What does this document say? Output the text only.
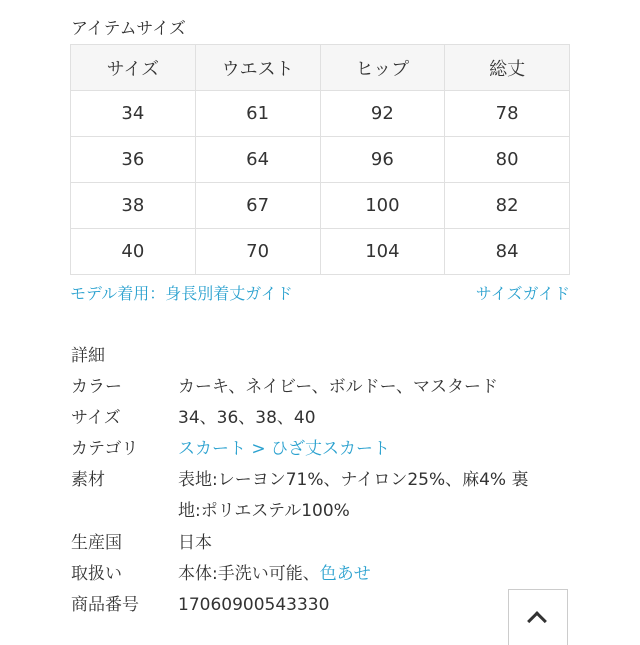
アイテムサイズ
サイズ	ウエスト	ヒップ	総丈
34	61	92	78
36	64	96	80
38	67	100	82
40	70	104	84
モデル着用：身長別着丈ガイド	サイズガイド
詳細
カラー	カーキ、ネイビー、ボルドー、マスタード
サイズ	34、36、38、40
カテゴリ	スカート > ひざ丈スカート
素材	表地:レーヨン71%、ナイロン25%、麻4% 裏
地:ポリエステル100%
生産国	日本
取扱い	本体:手洗い可能、色あせ
商品番号	17060900543330
